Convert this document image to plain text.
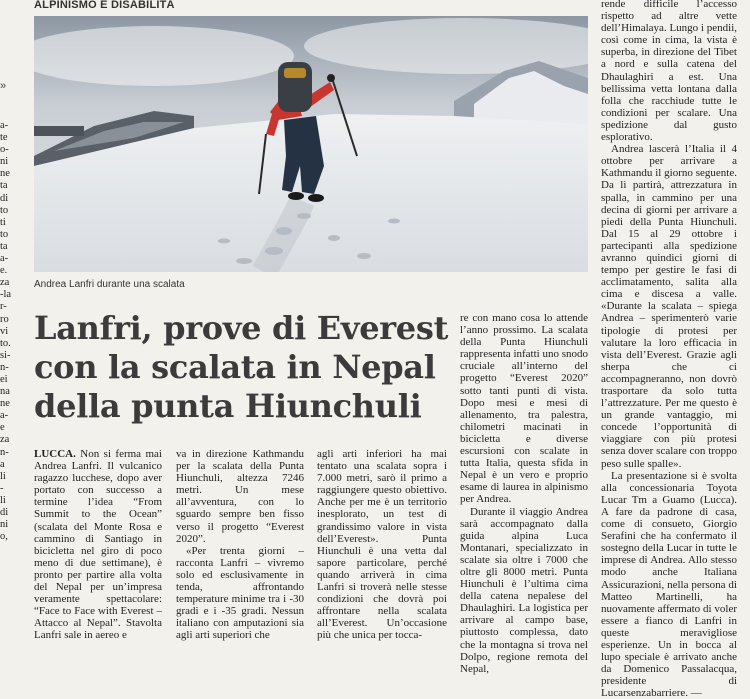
a-
te
o-
ni
ne
ta
di
to
ti
to
ta
a-
e.
za
-la
r-
ro
vi
to.
si-
n-
ei
na
ne
a-
e
za
n-
a
li
-
li
di
ni
o,
»
ALPINISMO E DISABILITÀ
Andrea Lanfri durante una scalata
Lanfri, prove di Everest
con la scalata in Nepal
della punta Hiunchuli

LUCCA. Non si ferma mai Andrea Lanfri. Il vulcanico ragazzo lucchese, dopo aver portato con successo a termine l’idea “From Summit to the Ocean” (scalata del Monte Rosa e cammino di Santiago in bicicletta nel giro di poco meno di due settimane), è pronto per partire alla volta del Nepal per un’impresa veramente spettacolare: “Face to Face with Everest – Attacco al Nepal”. Stavolta Lanfri sale in aereo e

va in direzione Kathmandu per la scalata della Punta Hiunchuli, altezza 7246 metri. Un mese all’avventura, con lo sguardo sempre ben fisso verso il progetto “Everest 2020”.

«Per trenta giorni – racconta Lanfri – vivremo solo ed esclusivamente in tenda, affrontando temperature minime tra i -30 gradi e i -35 gradi. Nessun italiano con amputazioni sia agli arti superiori che

agli arti inferiori ha mai tentato una scalata sopra i 7.000 metri, sarò il primo a raggiungere questo obiettivo. Anche per me è un territorio inesplorato, un test di grandissimo valore in vista dell’Everest». Punta Hiunchuli è una vetta dal sapore particolare, perché quando arriverà in cima Lanfri si troverà nelle stesse condizioni che dovrà poi affrontare nella scalata all’Everest. Un’occasione più che unica per tocca-

re con mano cosa lo attende l’anno prossimo. La scalata della Punta Hiunchuli rappresenta infatti uno snodo cruciale all’interno del progetto “Everest 2020” sotto tanti punti di vista. Dopo mesi e mesi di allenamento, tra palestra, chilometri macinati in bicicletta e diverse escursioni con scalate in tutta Italia, questa sfida in Nepal è un vero e proprio esame di laurea in alpinismo per Andrea.

Durante il viaggio Andrea sarà accompagnato dalla guida alpina Luca Montanari, specializzato in scalate sia oltre i 7000 che oltre gli 8000 metri. Punta Hiunchuli è l’ultima cima della catena nepalese del Dhaulaghiri. La logistica per arrivare al campo base, piuttosto complessa, dato che la montagna si trova nel Dolpo, regione remota del Nepal,

rende difficile l’accesso rispetto ad altre vette dell’Himalaya. Lungo i pendii, così come in cima, la vista è superba, in direzione del Tibet a nord e sulla catena del Dhaulaghiri a est. Una bellissima vetta lontana dalla folla che racchiude tutte le condizioni per scalare. Una spedizione dal gusto esplorativo.

Andrea lascerà l’Italia il 4 ottobre per arrivare a Kathmandu il giorno seguente. Da lì partirà, attrezzatura in spalla, in cammino per una decina di giorni per arrivare a piedi della Punta Hiunchuli. Dal 15 al 29 ottobre i partecipanti alla spedizione avranno quindici giorni di tempo per gestire le fasi di acclimatamento, salita alla cima e discesa a valle. «Durante la scalata – spiega Andrea – sperimenterò varie tipologie di protesi per valutare la loro efficacia in vista dell’Everest. Grazie agli sherpa che ci accompagneranno, non dovrò trasportare da solo tutta l’attrezzature. Per me questo è un grande vantaggio, mi concede l’opportunità di viaggiare con più protesi senza dover scalare con troppo peso sulle spalle».

La presentazione si è svolta alla concessionaria Toyota Lucar Tm a Guamo (Lucca). A fare da padrone di casa, come di consueto, Giorgio Serafini che ha confermato il sostegno della Lucar in tutte le imprese di Andrea. Allo stesso modo anche Italiana Assicurazioni, nella persona di Matteo Martinelli, ha nuovamente affermato di voler essere a fianco di Lanfri in queste meravigliose esperienze. Un in bocca al lupo speciale è arrivato anche da Domenico Passalacqua, presidente di Lucarsenzabarriere. —
